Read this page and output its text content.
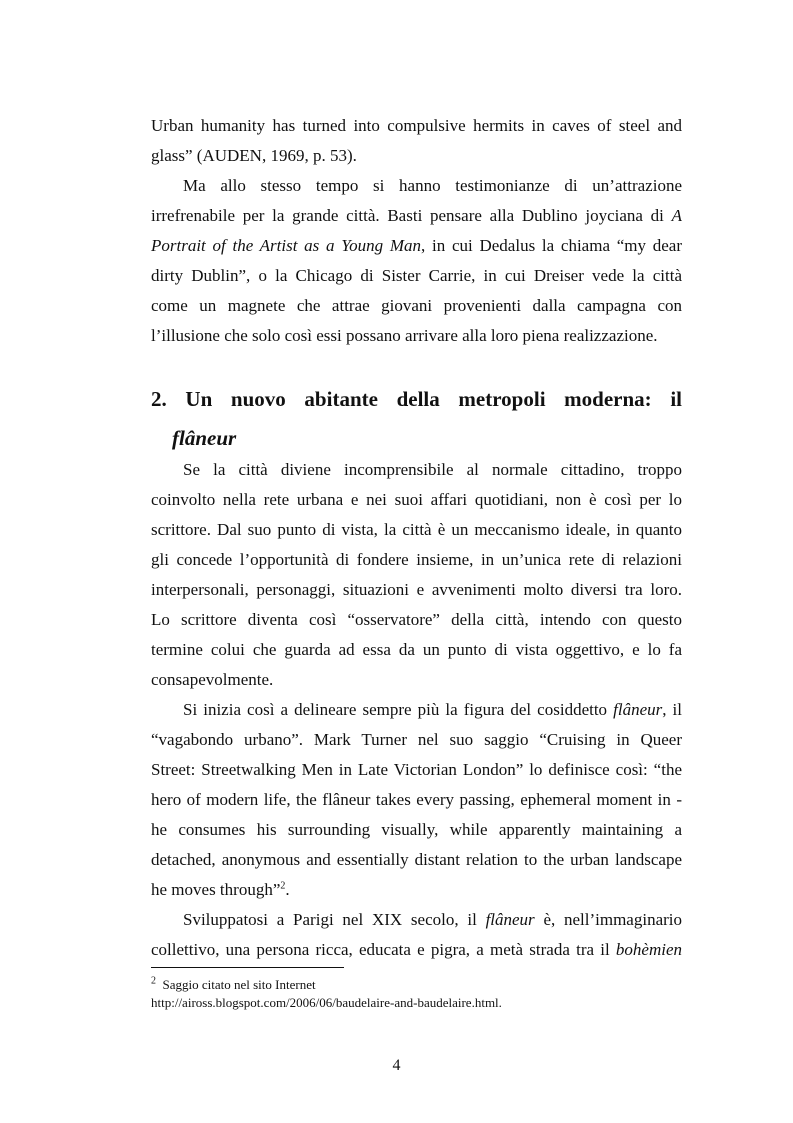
Urban humanity has turned into compulsive hermits in caves of steel and
glass” (AUDEN, 1969, p. 53).
Ma allo stesso tempo si hanno testimonianze di un’attrazione
irrefrenabile per la grande città. Basti pensare alla Dublino joyciana di A
Portrait of the Artist as a Young Man, in cui Dedalus la chiama “my dear
dirty Dublin”, o la Chicago di Sister Carrie, in cui Dreiser vede la città
come un magnete che attrae giovani provenienti dalla campagna con
l’illusione che solo così essi possano arrivare alla loro piena realizzazione.
2. Un nuovo abitante della metropoli moderna: il
flâneur
Se la città diviene incomprensibile al normale cittadino, troppo
coinvolto nella rete urbana e nei suoi affari quotidiani, non è così per lo
scrittore. Dal suo punto di vista, la città è un meccanismo ideale, in quanto
gli concede l’opportunità di fondere insieme, in un’unica rete di relazioni
interpersonali, personaggi, situazioni e avvenimenti molto diversi tra loro.
Lo scrittore diventa così “osservatore” della città, intendo con questo
termine colui che guarda ad essa da un punto di vista oggettivo, e lo fa
consapevolmente.
Si inizia così a delineare sempre più la figura del cosiddetto flâneur, il
“vagabondo urbano”. Mark Turner nel suo saggio “Cruising in Queer
Street: Streetwalking Men in Late Victorian London” lo definisce così: “the
hero of modern life, the flâneur takes every passing, ephemeral moment in -
he consumes his surrounding visually, while apparently maintaining a
detached, anonymous and essentially distant relation to the urban landscape
he moves through”$^2$.
Sviluppatosi a Parigi nel XIX secolo, il flâneur è, nell’immaginario
collettivo, una persona ricca, educata e pigra, a metà strada tra il bohèmien
$^2$ Saggio citato nel sito Internet
http://aiross.blogspot.com/2006/06/baudelaire-and-baudelaire.html.
4
